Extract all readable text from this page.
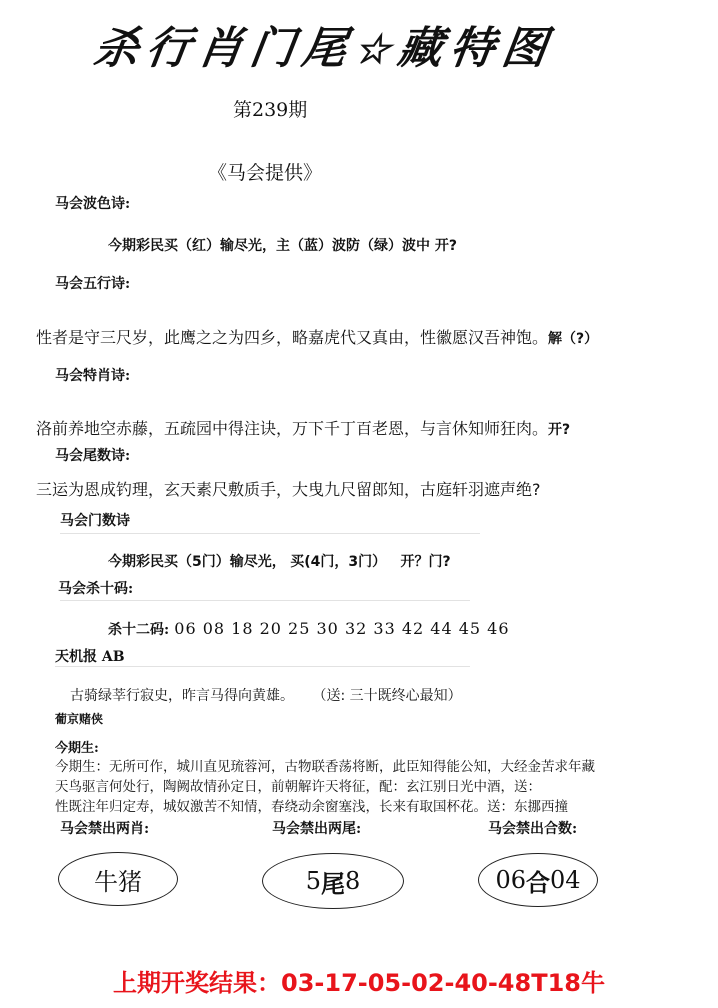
杀行肖门尾☆藏特图
第239期
《马会提供》
马会波色诗:
今期彩民买（红）输尽光，主（蓝）波防（绿）波中 开?
马会五行诗:
性者是守三尺岁，此鹰之之为四乡，略嘉虎代又真由，性徽愿汉吾神饱。解（?）
马会特肖诗:
洛前养地空赤藤，五疏园中得注诀，万下千丁百老恩，与言休知师狂肉。开?
马会尾数诗:
三运为恩成钓理，玄天素尺敷质手，大曳九尺留郎知，古庭轩羽遮声绝?
马会门数诗
今期彩民买（5门）输尽光， 买(4门，3门） 开？门?
马会杀十码:
杀十二码: 06 08 18 20 25 30 32 33 42 44 45 46
天机报 AB
古骑绿莘行寂史，昨言马得向黄雄。 （送: 三十既终心最知）
葡京赌侠
今期生:
今期生：无所可作，城川直见琉蓉河，古物联香荡将断，此臣知得能公知，大经金苦求年藏
天鸟驱言何处行，陶阙故情孙定日，前朝解许天将征，配：玄江别日光中酒，送：
性既注年归定寿，城奴激苦不知情，春绕动余窗塞浅，长来有取国杯花。送：东挪西撞
马会禁出两肖:	马会禁出两尾:	马会禁出合数:
牛猪	5 尾 8	06 合 04
上期开奖结果：03-17-05-02-40-48T18牛
